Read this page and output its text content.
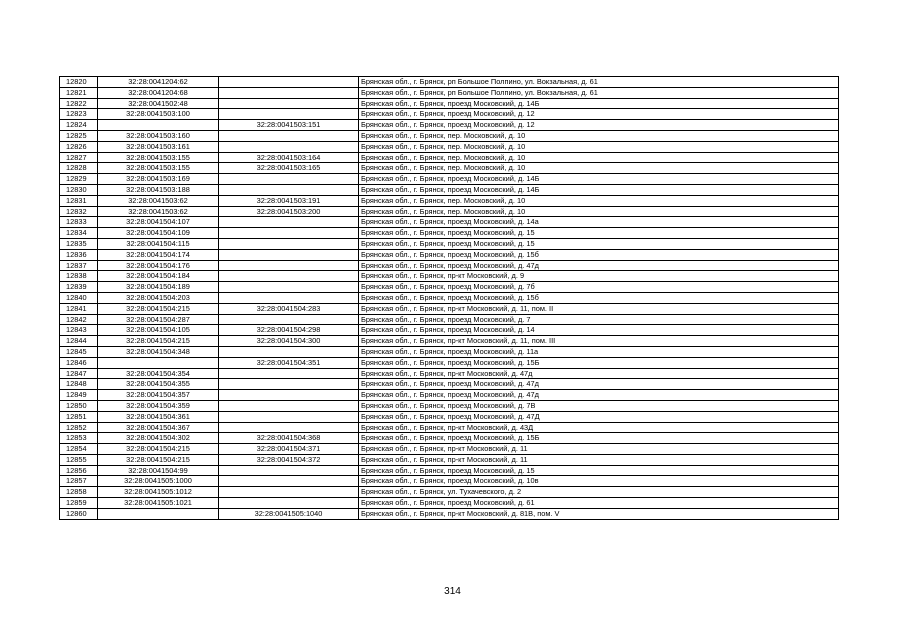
12820	32:28:0041204:62		Брянская обл., г. Брянск, рп Большое Полпино, ул. Вокзальная, д. 61
12821	32:28:0041204:68		Брянская обл., г. Брянск, рп Большое Полпино, ул. Вокзальная, д. 61
12822	32:28:0041502:48		Брянская обл., г. Брянск, проезд Московский, д. 14Б
12823	32:28:0041503:100		Брянская обл., г. Брянск, проезд Московский, д. 12
12824		32:28:0041503:151	Брянская обл., г. Брянск, проезд Московский, д. 12
12825	32:28:0041503:160		Брянская обл., г. Брянск, пер. Московский, д. 10
12826	32:28:0041503:161		Брянская обл., г. Брянск, пер. Московский, д. 10
12827	32:28:0041503:155	32:28:0041503:164	Брянская обл., г. Брянск, пер. Московский, д. 10
12828	32:28:0041503:155	32:28:0041503:165	Брянская обл., г. Брянск, пер. Московский, д. 10
12829	32:28:0041503:169		Брянская обл., г. Брянск, проезд Московский, д. 14Б
12830	32:28:0041503:188		Брянская обл., г. Брянск, проезд Московский, д. 14Б
12831	32:28:0041503:62	32:28:0041503:191	Брянская обл., г. Брянск, пер. Московский, д. 10
12832	32:28:0041503:62	32:28:0041503:200	Брянская обл., г. Брянск, пер. Московский, д. 10
12833	32:28:0041504:107		Брянская обл., г. Брянск, проезд Московский, д. 14а
12834	32:28:0041504:109		Брянская обл., г. Брянск, проезд Московский, д. 15
12835	32:28:0041504:115		Брянская обл., г. Брянск, проезд Московский, д. 15
12836	32:28:0041504:174		Брянская обл., г. Брянск, проезд Московский, д. 15б
12837	32:28:0041504:176		Брянская обл., г. Брянск, проезд Московский, д. 47д
12838	32:28:0041504:184		Брянская обл., г. Брянск, пр-кт Московский, д. 9
12839	32:28:0041504:189		Брянская обл., г. Брянск, проезд Московский, д. 7б
12840	32:28:0041504:203		Брянская обл., г. Брянск, проезд Московский, д. 15б
12841	32:28:0041504:215	32:28:0041504:283	Брянская обл., г. Брянск, пр-кт Московский, д. 11, пом. II
12842	32:28:0041504:287		Брянская обл., г. Брянск, проезд Московский, д. 7
12843	32:28:0041504:105	32:28:0041504:298	Брянская обл., г. Брянск, проезд Московский, д. 14
12844	32:28:0041504:215	32:28:0041504:300	Брянская обл., г. Брянск, пр-кт Московский, д. 11, пом. III
12845	32:28:0041504:348		Брянская обл., г. Брянск, проезд Московский, д. 11а
12846		32:28:0041504:351	Брянская обл., г. Брянск, проезд Московский, д. 15Б
12847	32:28:0041504:354		Брянская обл., г. Брянск, пр-кт Московский, д. 47д
12848	32:28:0041504:355		Брянская обл., г. Брянск, проезд Московский, д. 47д
12849	32:28:0041504:357		Брянская обл., г. Брянск, проезд Московский, д. 47д
12850	32:28:0041504:359		Брянская обл., г. Брянск, проезд Московский, д. 7В
12851	32:28:0041504:361		Брянская обл., г. Брянск, проезд Московский, д. 47Д
12852	32:28:0041504:367		Брянская обл., г. Брянск, пр-кт Московский, д. 43Д
12853	32:28:0041504:302	32:28:0041504:368	Брянская обл., г. Брянск, проезд Московский, д. 15Б
12854	32:28:0041504:215	32:28:0041504:371	Брянская обл., г. Брянск, пр-кт Московский, д. 11
12855	32:28:0041504:215	32:28:0041504:372	Брянская обл., г. Брянск, пр-кт Московский, д. 11
12856	32:28:0041504:99		Брянская обл., г. Брянск, проезд Московский, д. 15
12857	32:28:0041505:1000		Брянская обл., г. Брянск, проезд Московский, д. 10в
12858	32:28:0041505:1012		Брянская обл., г. Брянск, ул. Тухачевского, д. 2
12859	32:28:0041505:1021		Брянская обл., г. Брянск, проезд Московский, д. 61
12860		32:28:0041505:1040	Брянская обл., г. Брянск, пр-кт Московский, д. 81В, пом. V
314
